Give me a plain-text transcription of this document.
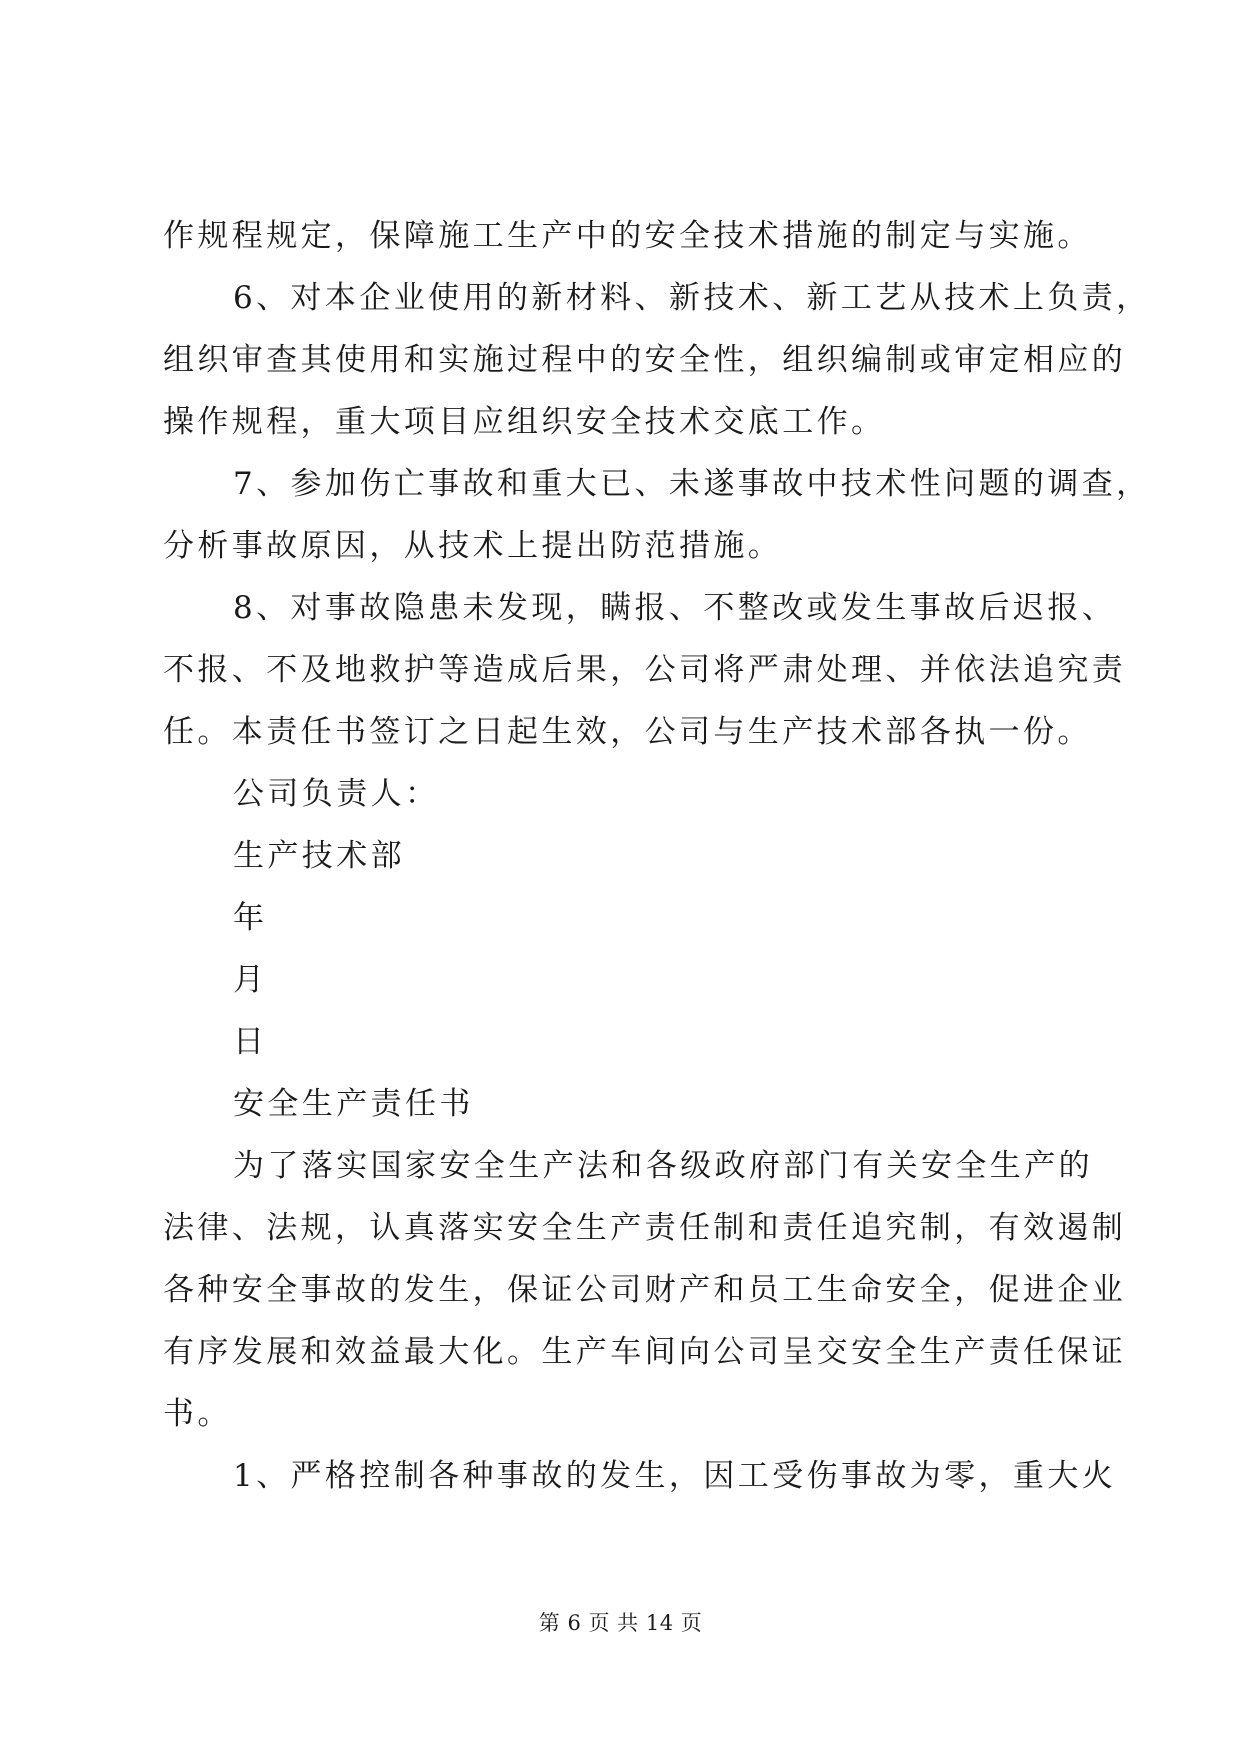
作规程规定，保障施工生产中的安全技术措施的制定与实施。
6、对本企业使用的新材料、新技术、新工艺从技术上负责，
组织审查其使用和实施过程中的安全性，组织编制或审定相应的
操作规程，重大项目应组织安全技术交底工作。
7、参加伤亡事故和重大已、未遂事故中技术性问题的调查，
分析事故原因，从技术上提出防范措施。
8、对事故隐患未发现，瞒报、不整改或发生事故后迟报、
不报、不及地救护等造成后果，公司将严肃处理、并依法追究责
任。本责任书签订之日起生效，公司与生产技术部各执一份。
公司负责人：
生产技术部
年
月
日
安全生产责任书
为了落实国家安全生产法和各级政府部门有关安全生产的
法律、法规，认真落实安全生产责任制和责任追究制，有效遏制
各种安全事故的发生，保证公司财产和员工生命安全，促进企业
有序发展和效益最大化。生产车间向公司呈交安全生产责任保证
书。
1、严格控制各种事故的发生，因工受伤事故为零，重大火
第 6 页 共 14 页
